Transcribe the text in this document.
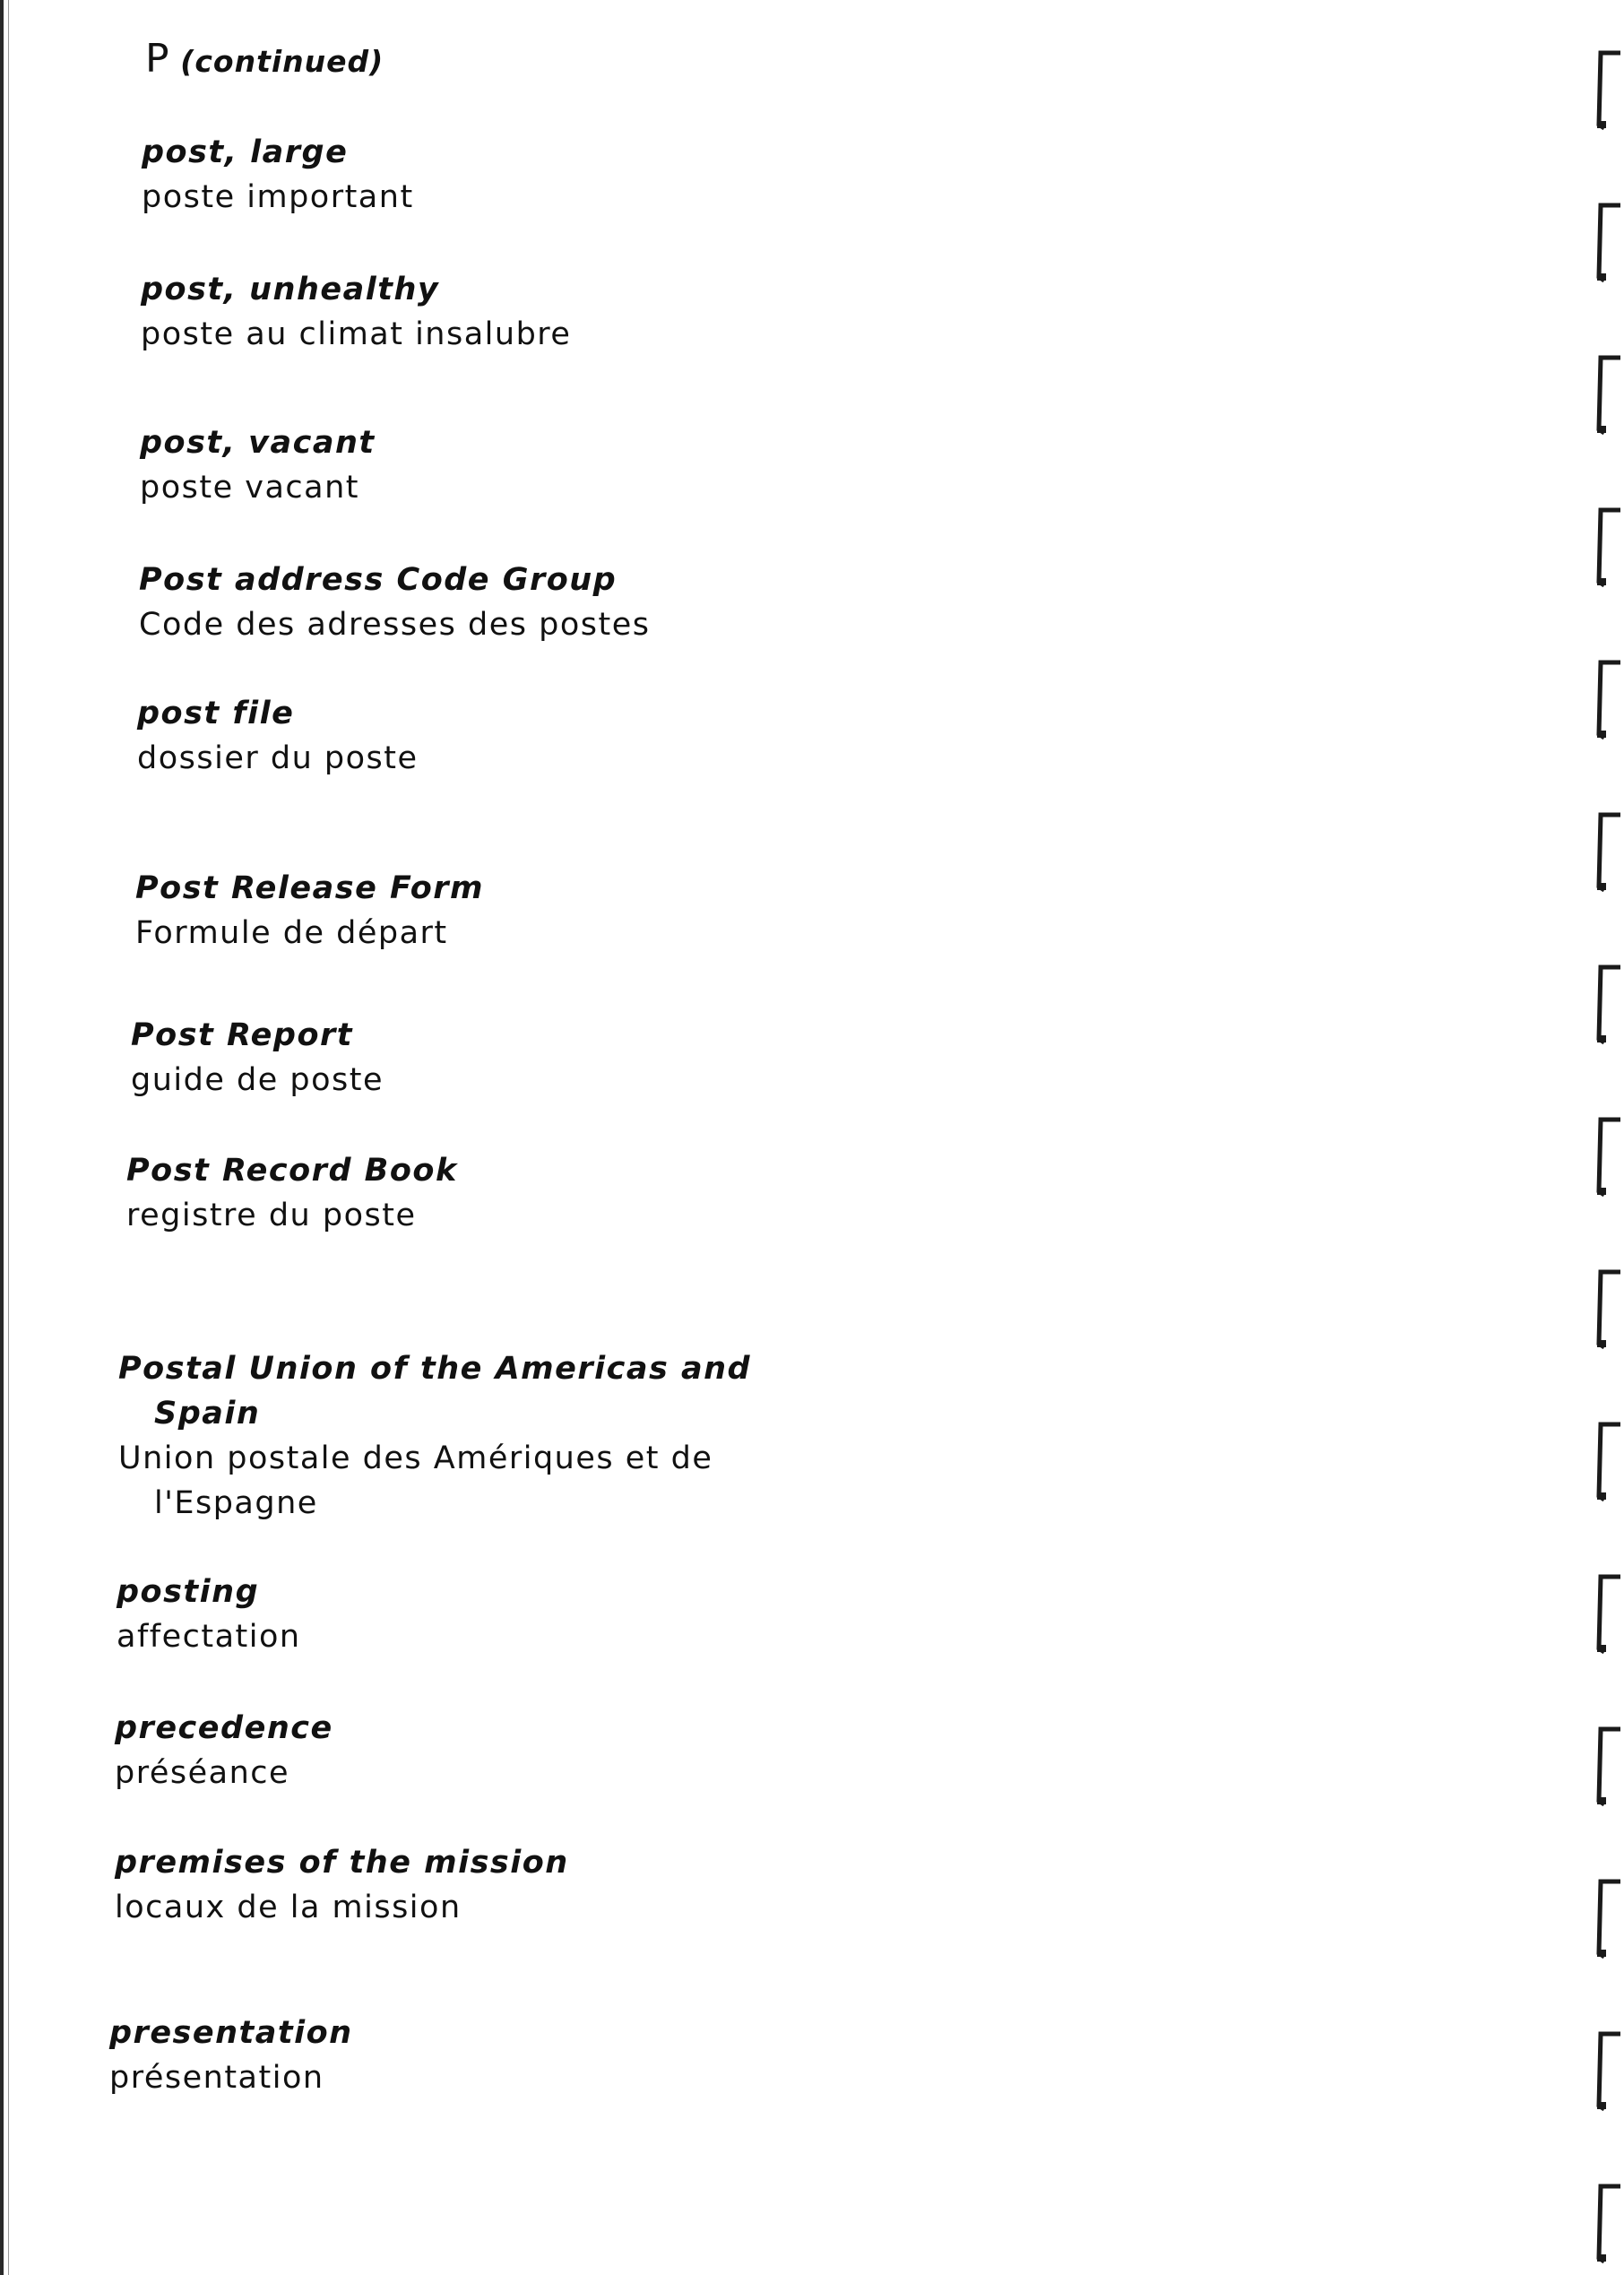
P (continued)
post, large
poste important
post, unhealthy
poste au climat insalubre
post, vacant
poste vacant
Post address Code Group
Code des adresses des postes
post file
dossier du poste
Post Release Form
Formule de départ
Post Report
guide de poste
Post Record Book
registre du poste
Postal Union of the Americas and
Spain
Union postale des Amériques et de
l'Espagne
posting
affectation
precedence
préséance
premises of the mission
locaux de la mission
presentation
présentation
